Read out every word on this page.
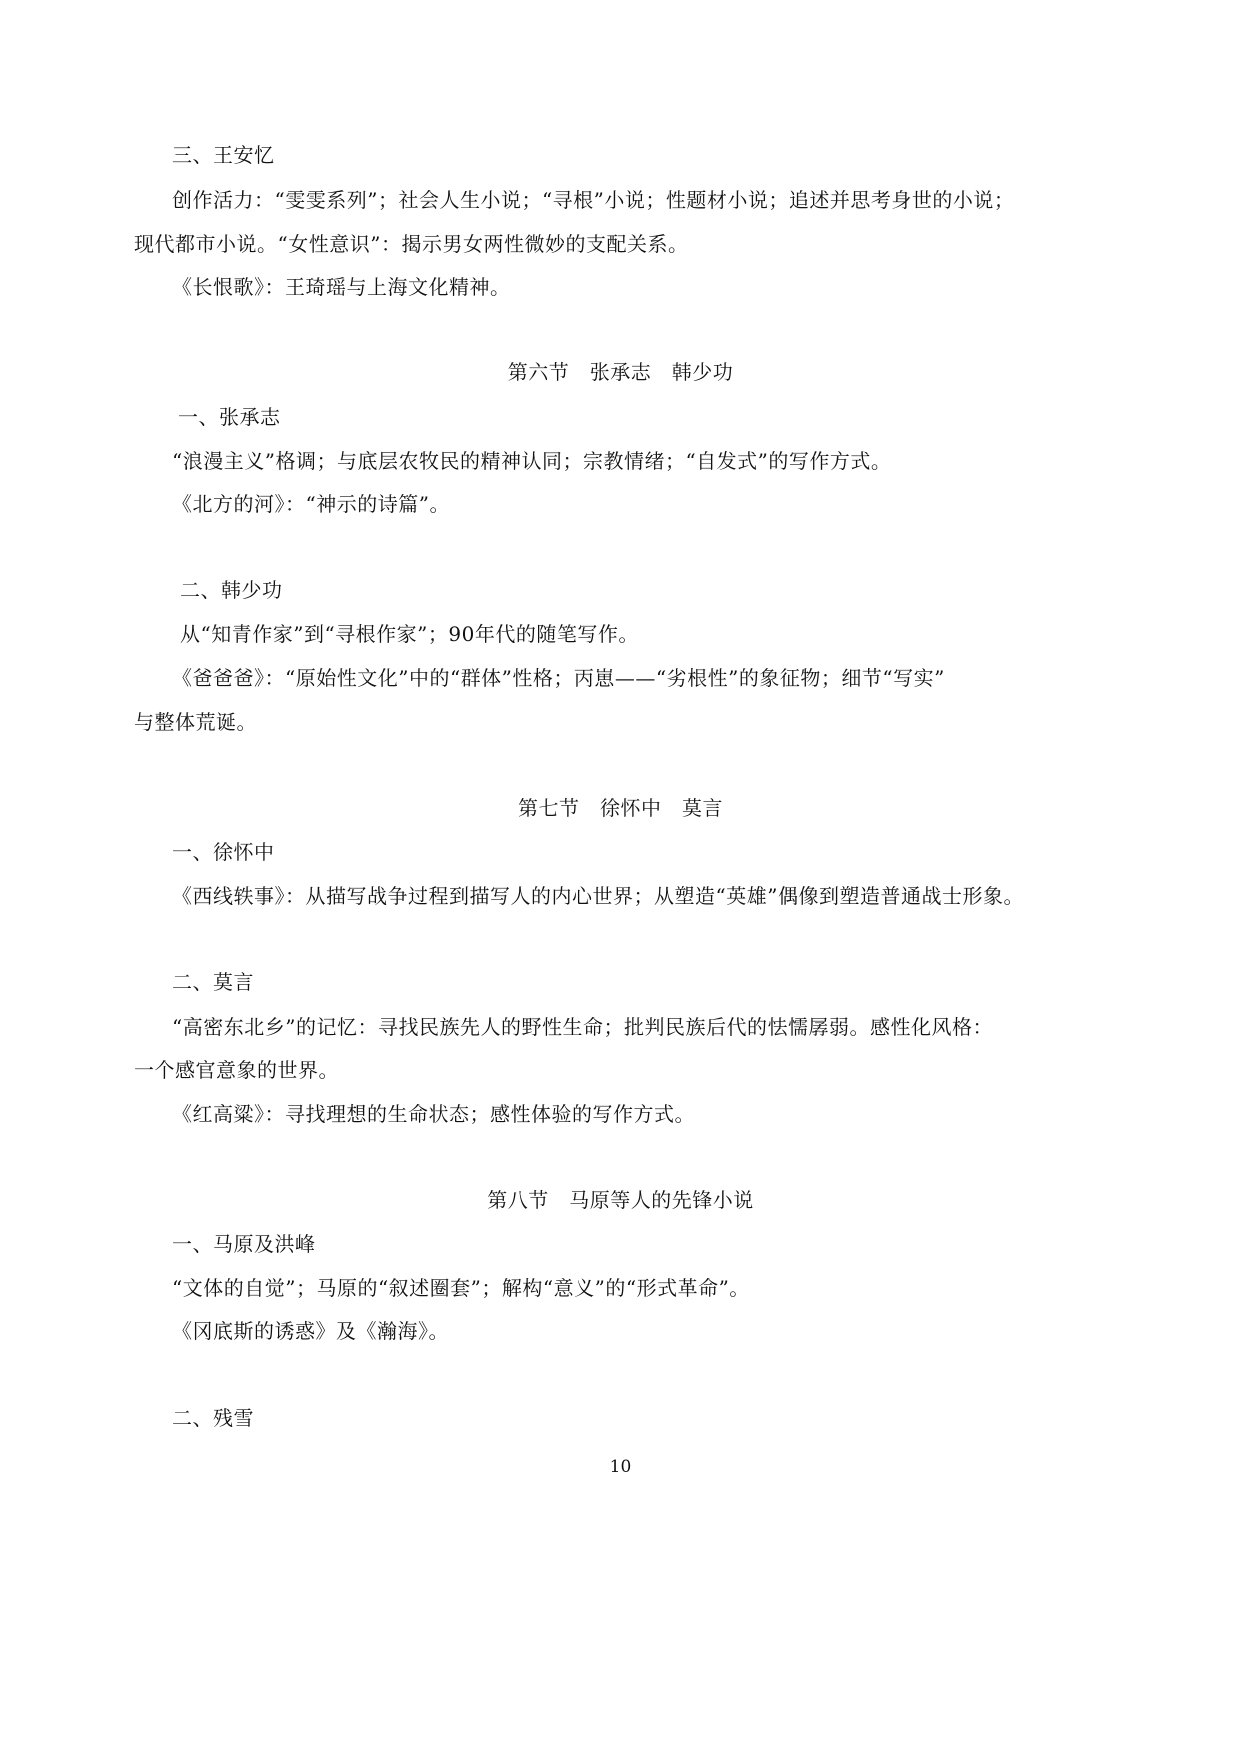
三、王安忆
创作活力：“雯雯系列”；社会人生小说；“寻根”小说；性题材小说；追述并思考身世的小说；
现代都市小说。“女性意识”：揭示男女两性微妙的支配关系。
《长恨歌》：王琦瑶与上海文化精神。
第六节　张承志　韩少功
一、张承志
“浪漫主义”格调；与底层农牧民的精神认同；宗教情绪；“自发式”的写作方式。
《北方的河》：“神示的诗篇”。
二、韩少功
从“知青作家”到“寻根作家”；90年代的随笔写作。
《爸爸爸》：“原始性文化”中的“群体”性格；丙崽——“劣根性”的象征物；细节“写实”
与整体荒诞。
第七节　徐怀中　莫言
一、徐怀中
《西线轶事》：从描写战争过程到描写人的内心世界；从塑造“英雄”偶像到塑造普通战士形象。
二、莫言
“高密东北乡”的记忆：寻找民族先人的野性生命；批判民族后代的怯懦孱弱。感性化风格：
一个感官意象的世界。
《红高粱》：寻找理想的生命状态；感性体验的写作方式。
第八节　马原等人的先锋小说
一、马原及洪峰
“文体的自觉”；马原的“叙述圈套”；解构“意义”的“形式革命”。
《冈底斯的诱惑》及《瀚海》。
二、残雪
10
